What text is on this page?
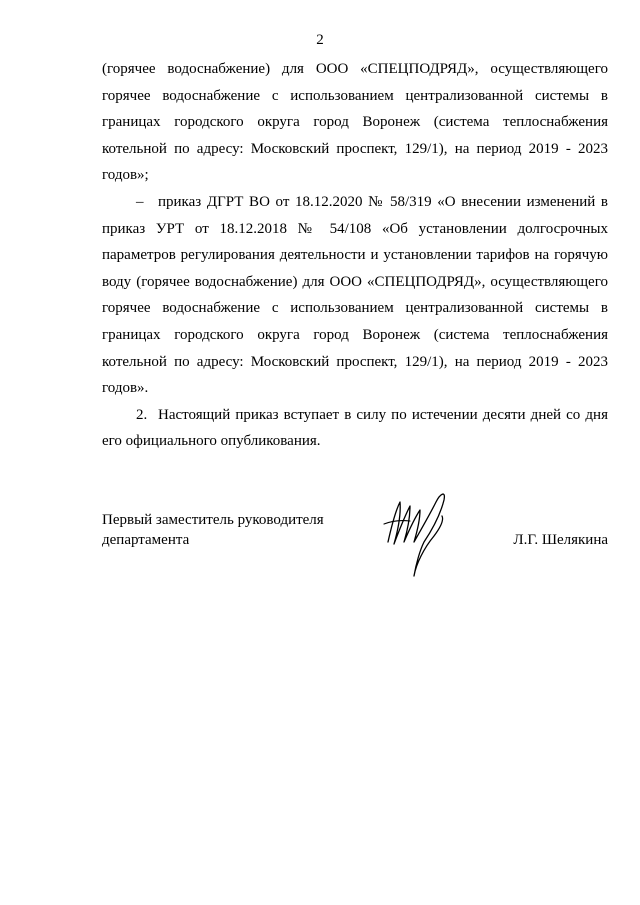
2

(горячее водоснабжение) для ООО «СПЕЦПОДРЯД», осуществляющего горячее водоснабжение с использованием централизованной системы в границах городского округа город Воронеж (система теплоснабжения котельной по адресу: Московский проспект, 129/1), на период 2019 - 2023 годов»;

– приказ ДГРТ ВО от 18.12.2020 № 58/319 «О внесении изменений в приказ УРТ от 18.12.2018 № 54/108 «Об установлении долгосрочных параметров регулирования деятельности и установлении тарифов на горячую воду (горячее водоснабжение) для ООО «СПЕЦПОДРЯД», осуществляющего горячее водоснабжение с использованием централизованной системы в границах городского округа город Воронеж (система теплоснабжения котельной по адресу: Московский проспект, 129/1), на период 2019 - 2023 годов».

2. Настоящий приказ вступает в силу по истечении десяти дней со дня его официального опубликования.

Первый заместитель руководителя
департамента	Л.Г. Шелякина
